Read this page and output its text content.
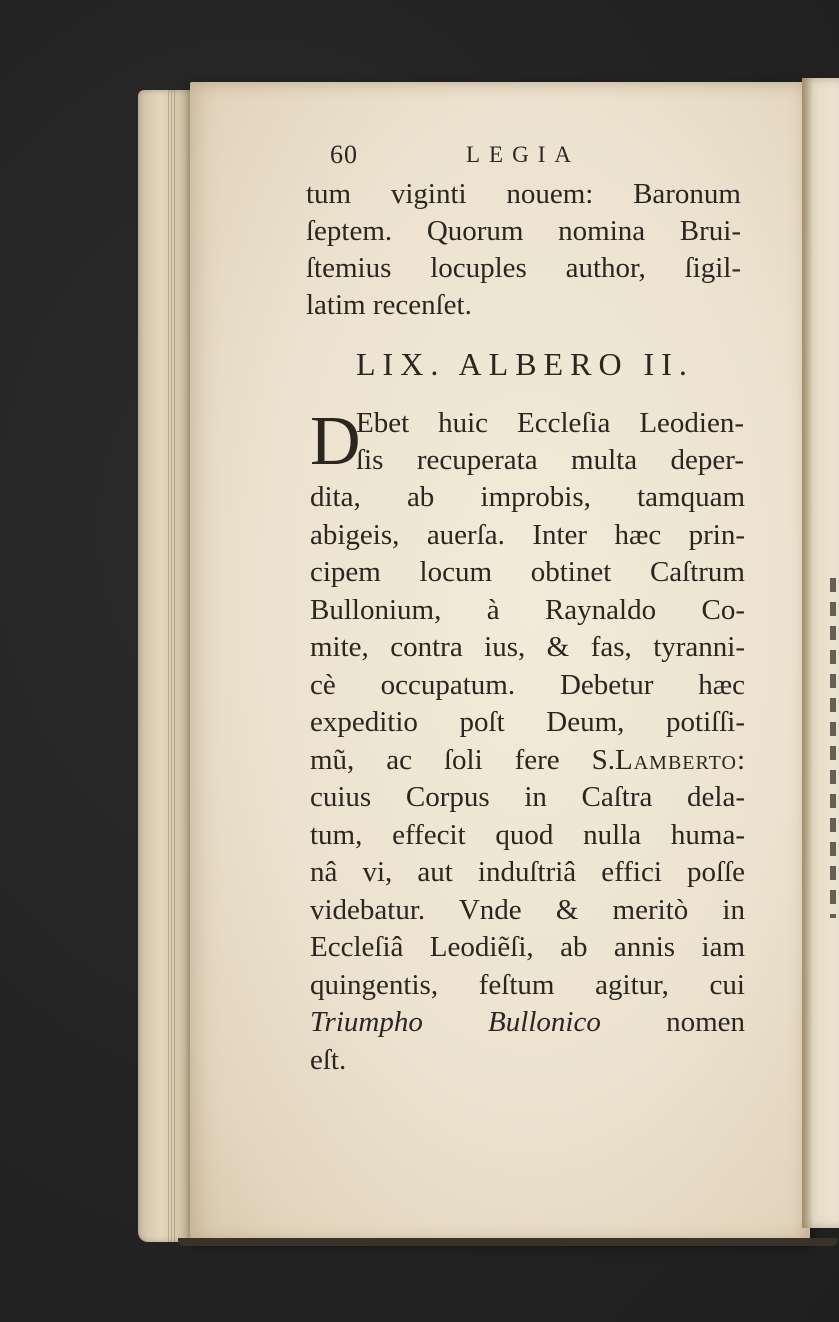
60	LEGIA
tum viginti nouem: Baronum
ſeptem. Quorum nomina Brui-
ſtemius locuples author, ſigil-
latim recenſet.
LIX. ALBERO II.
D
Ebet huic Eccleſia Leodien-
ſis recuperata multa deper-
dita, ab improbis, tamquam
abigeis, auerſa. Inter hæc prin-
cipem locum obtinet Caſtrum
Bullonium, à Raynaldo Co-
mite, contra ius, & fas, tyranni-
cè occupatum. Debetur hæc
expeditio poſt Deum, potiſſi-
mũ, ac ſoli fere S.Lamberto:
cuius Corpus in Caſtra dela-
tum, effecit quod nulla huma-
nâ vi, aut induſtriâ effici poſſe
videbatur. Vnde & meritò in
Eccleſiâ Leodiẽſi, ab annis iam
quingentis, feſtum agitur, cui
Triumpho Bullonico nomen
eſt.
